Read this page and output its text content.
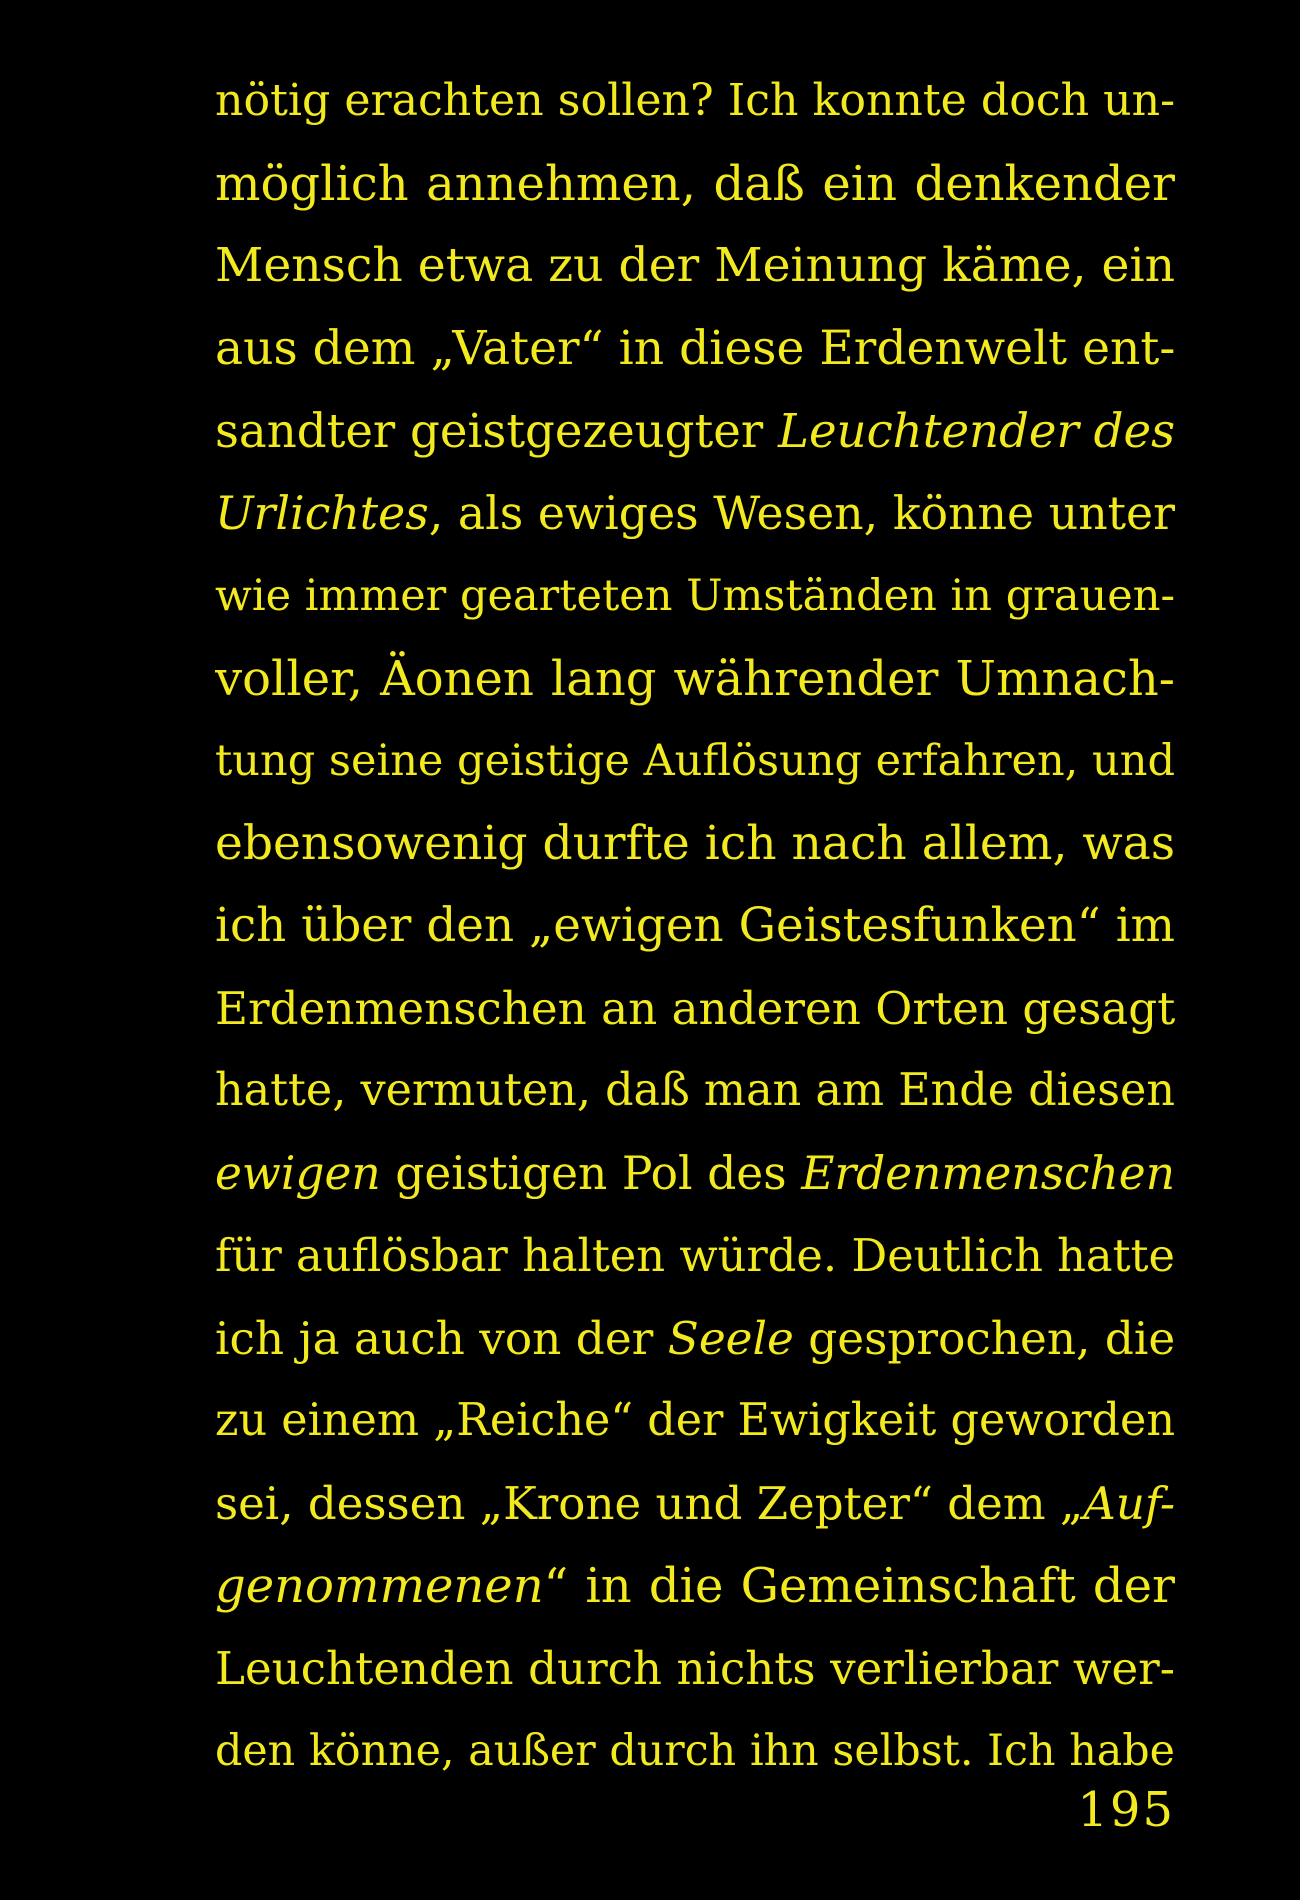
nötig erachten sollen? Ich konnte doch un-
möglich annehmen, daß ein denkender
Mensch etwa zu der Meinung käme, ein
aus dem „Vater“ in diese Erdenwelt ent-
sandter geistgezeugter Leuchtender des
Urlichtes, als ewiges Wesen, könne unter
wie immer gearteten Umständen in grauen-
voller, Äonen lang währender Umnach-
tung seine geistige Auflösung erfahren, und
ebensowenig durfte ich nach allem, was
ich über den „ewigen Geistesfunken“ im
Erdenmenschen an anderen Orten gesagt
hatte, vermuten, daß man am Ende diesen
ewigen geistigen Pol des Erdenmenschen
für auflösbar halten würde. Deutlich hatte
ich ja auch von der Seele gesprochen, die
zu einem „Reiche“ der Ewigkeit geworden
sei, dessen „Krone und Zepter“ dem „Auf-
genommenen“ in die Gemeinschaft der
Leuchtenden durch nichts verlierbar wer-
den könne, außer durch ihn selbst. Ich habe
195
